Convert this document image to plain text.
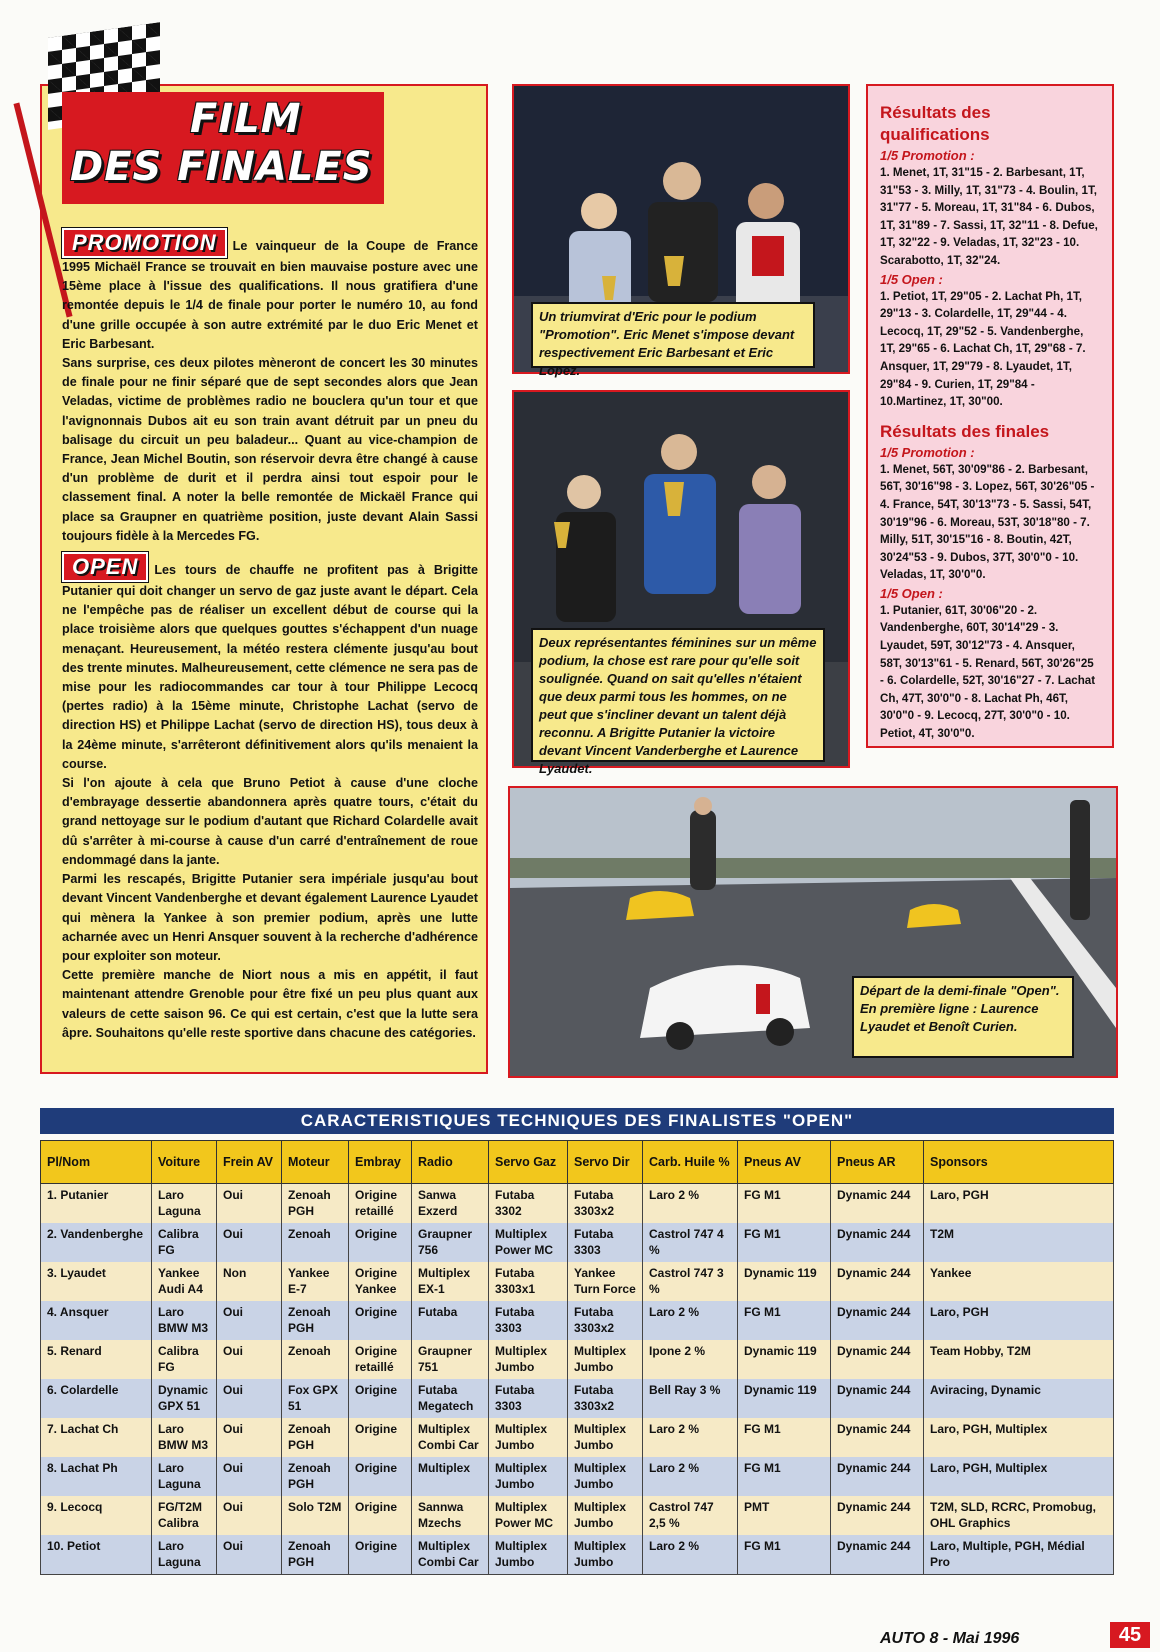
FILM
DES FINALES

PROMOTION Le vainqueur de la Coupe de France 1995 Michaël France se trouvait en bien mauvaise posture avec une 15ème place à l'issue des qualifications. Il nous gratifiera d'une remontée depuis le 1/4 de finale pour porter le numéro 10, au fond d'une grille occupée à son autre extrémité par le duo Eric Menet et Eric Barbesant.

Sans surprise, ces deux pilotes mèneront de concert les 30 minutes de finale pour ne finir séparé que de sept secondes alors que Jean Veladas, victime de problèmes radio ne bouclera qu'un tour et que l'avignonnais Dubos ait eu son train avant détruit par un pneu du balisage du circuit un peu baladeur... Quant au vice-champion de France, Jean Michel Boutin, son réservoir devra être changé à cause d'un problème de durit et il perdra ainsi tout espoir pour le classement final. A noter la belle remontée de Mickaël France qui place sa Graupner en quatrième position, juste devant Alain Sassi toujours fidèle à la Mercedes FG.

OPEN Les tours de chauffe ne profitent pas à Brigitte Putanier qui doit changer un servo de gaz juste avant le départ. Cela ne l'empêche pas de réaliser un excellent début de course qui la place troisième alors que quelques gouttes s'échappent d'un nuage menaçant. Heureusement, la météo restera clémente jusqu'au bout des trente minutes. Malheureusement, cette clémence ne sera pas de mise pour les radiocommandes car tour à tour Philippe Lecocq (pertes radio) à la 15ème minute, Christophe Lachat (servo de direction HS) et Philippe Lachat (servo de direction HS), tous deux à la 24ème minute, s'arrêteront définitivement alors qu'ils menaient la course.

Si l'on ajoute à cela que Bruno Petiot à cause d'une cloche d'embrayage dessertie abandonnera après quatre tours, c'était du grand nettoyage sur le podium d'autant que Richard Colardelle avait dû s'arrêter à mi-course à cause d'un carré d'entraînement de roue endommagé dans la jante.

Parmi les rescapés, Brigitte Putanier sera impériale jusqu'au bout devant Vincent Vandenberghe et devant également Laurence Lyaudet qui mènera la Yankee à son premier podium, après une lutte acharnée avec un Henri Ansquer souvent à la recherche d'adhérence pour exploiter son moteur.

Cette première manche de Niort nous a mis en appétit, il faut maintenant attendre Grenoble pour être fixé un peu plus quant aux valeurs de cette saison 96. Ce qui est certain, c'est que la lutte sera âpre. Souhaitons qu'elle reste sportive dans chacune des catégories.

Un triumvirat d'Eric pour le podium "Promotion". Eric Menet s'impose devant respectivement Eric Barbesant et Eric Lopez.
Deux représentantes féminines sur un même podium, la chose est rare pour qu'elle soit soulignée. Quand on sait qu'elles n'étaient que deux parmi tous les hommes, on ne peut que s'incliner devant un talent déjà reconnu. A Brigitte Putanier la victoire devant Vincent Vanderberghe et Laurence Lyaudet.

Résultats des qualifications

1/5 Promotion :

1. Menet, 1T, 31"15 - 2. Barbesant, 1T, 31"53 - 3. Milly, 1T, 31"73 - 4. Boulin, 1T, 31"77 - 5. Moreau, 1T, 31"84 - 6. Dubos, 1T, 31"89 - 7. Sassi, 1T, 32"11 - 8. Defue, 1T, 32"22 - 9. Veladas, 1T, 32"23 - 10. Scarabotto, 1T, 32"24.

1/5 Open :

1. Petiot, 1T, 29"05 - 2. Lachat Ph, 1T, 29"13 - 3. Colardelle, 1T, 29"44 - 4. Lecocq, 1T, 29"52 - 5. Vandenberghe, 1T, 29"65 - 6. Lachat Ch, 1T, 29"68 - 7. Ansquer, 1T, 29"79 - 8. Lyaudet, 1T, 29"84 - 9. Curien, 1T, 29"84 - 10.Martinez, 1T, 30"00.

Résultats des finales

1/5 Promotion :

1. Menet, 56T, 30'09"86 - 2. Barbesant, 56T, 30'16"98 - 3. Lopez, 56T, 30'26"05 - 4. France, 54T, 30'13"73 - 5. Sassi, 54T, 30'19"96 - 6. Moreau, 53T, 30'18"80 - 7. Milly, 51T, 30'15"16 - 8. Boutin, 42T, 30'24"53 - 9. Dubos, 37T, 30'0"0 - 10. Veladas, 1T, 30'0"0.

1/5 Open :

1. Putanier, 61T, 30'06"20 - 2. Vandenberghe, 60T, 30'14"29 - 3. Lyaudet, 59T, 30'12"73 - 4. Ansquer, 58T, 30'13"61 - 5. Renard, 56T, 30'26"25 - 6. Colardelle, 52T, 30'16"27 - 7. Lachat Ch, 47T, 30'0"0 - 8. Lachat Ph, 46T, 30'0"0 - 9. Lecocq, 27T, 30'0"0 - 10. Petiot, 4T, 30'0"0.

Départ de la demi-finale "Open". En première ligne : Laurence Lyaudet et Benoît Curien.
CARACTERISTIQUES TECHNIQUES DES FINALISTES "OPEN"
Pl/Nom	Voiture	Frein AV	Moteur	Embray	Radio	Servo Gaz	Servo Dir	Carb. Huile %	Pneus AV	Pneus AR	Sponsors
1. Putanier	Laro Laguna	Oui	Zenoah PGH	Origine retaillé	Sanwa Exzerd	Futaba 3302	Futaba 3303x2	Laro 2 %	FG M1	Dynamic 244	Laro, PGH
2. Vandenberghe	Calibra FG	Oui	Zenoah	Origine	Graupner 756	Multiplex Power MC	Futaba 3303	Castrol 747 4 %	FG M1	Dynamic 244	T2M
3. Lyaudet	Yankee Audi A4	Non	Yankee E-7	Origine Yankee	Multiplex EX-1	Futaba 3303x1	Yankee Turn Force	Castrol 747 3 %	Dynamic 119	Dynamic 244	Yankee
4. Ansquer	Laro BMW M3	Oui	Zenoah PGH	Origine	Futaba	Futaba 3303	Futaba 3303x2	Laro 2 %	FG M1	Dynamic 244	Laro, PGH
5. Renard	Calibra FG	Oui	Zenoah	Origine retaillé	Graupner 751	Multiplex Jumbo	Multiplex Jumbo	Ipone 2 %	Dynamic 119	Dynamic 244	Team Hobby, T2M
6. Colardelle	Dynamic GPX 51	Oui	Fox GPX 51	Origine	Futaba Megatech	Futaba 3303	Futaba 3303x2	Bell Ray 3 %	Dynamic 119	Dynamic 244	Aviracing, Dynamic
7. Lachat Ch	Laro BMW M3	Oui	Zenoah PGH	Origine	Multiplex Combi Car	Multiplex Jumbo	Multiplex Jumbo	Laro 2 %	FG M1	Dynamic 244	Laro, PGH, Multiplex
8. Lachat Ph	Laro Laguna	Oui	Zenoah PGH	Origine	Multiplex	Multiplex Jumbo	Multiplex Jumbo	Laro 2 %	FG M1	Dynamic 244	Laro, PGH, Multiplex
9. Lecocq	FG/T2M Calibra	Oui	Solo T2M	Origine	Sannwa Mzechs	Multiplex Power MC	Multiplex Jumbo	Castrol 747 2,5 %	PMT	Dynamic 244	T2M, SLD, RCRC, Promobug, OHL Graphics
10. Petiot	Laro Laguna	Oui	Zenoah PGH	Origine	Multiplex Combi Car	Multiplex Jumbo	Multiplex Jumbo	Laro 2 %	FG M1	Dynamic 244	Laro, Multiple, PGH, Médial Pro
AUTO 8 - Mai 1996	45
